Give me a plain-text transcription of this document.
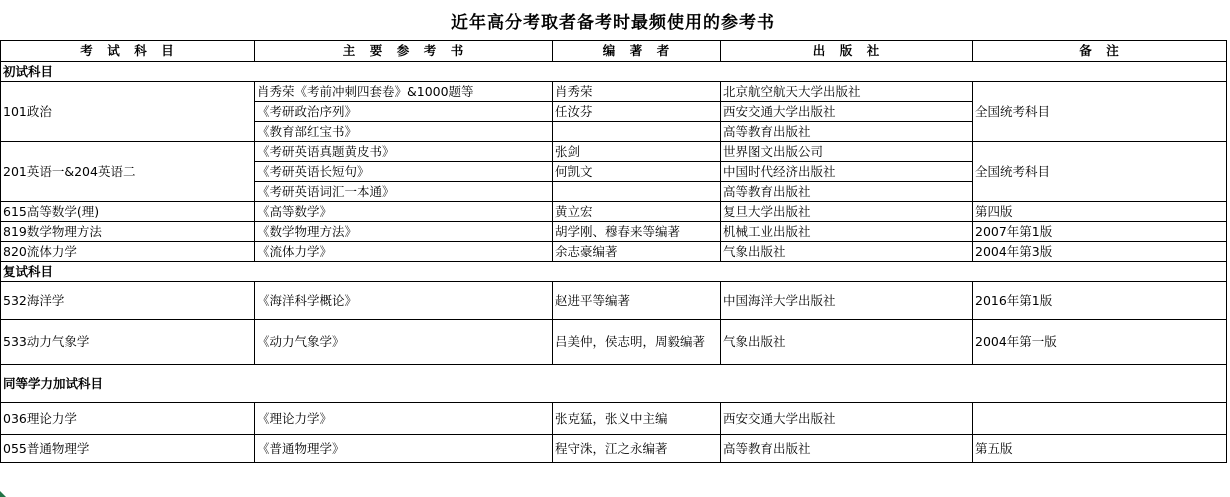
近年高分考取者备考时最频使用的参考书
考　试　科　目	主　要　参　考　书	编　著　者	出　版　社	备　注
初试科目				
101政治	肖秀荣《考前冲刺四套卷》&1000题等	肖秀荣	北京航空航天大学出版社	全国统考科目
	《考研政治序列》	任汝芬	西安交通大学出版社	
	《教育部红宝书》		高等教育出版社	
201英语一&204英语二	《考研英语真题黄皮书》	张剑	世界图文出版公司	全国统考科目
	《考研英语长短句》	何凯文	中国时代经济出版社	
	《考研英语词汇一本通》		高等教育出版社	
615高等数学(理)	《高等数学》	黄立宏	复旦大学出版社	第四版
819数学物理方法	《数学物理方法》	胡学刚、穆春来等编著	机械工业出版社	2007年第1版
820流体力学	《流体力学》	余志豪编著	气象出版社	2004年第3版
复试科目				
532海洋学	《海洋科学概论》	赵进平等编著	中国海洋大学出版社	2016年第1版
533动力气象学	《动力气象学》	吕美仲，侯志明，周毅编著	气象出版社	2004年第一版
同等学力加试科目				
036理论力学	《理论力学》	张克猛，张义中主编	西安交通大学出版社	
055普通物理学	《普通物理学》	程守洙，江之永编著	高等教育出版社	第五版
